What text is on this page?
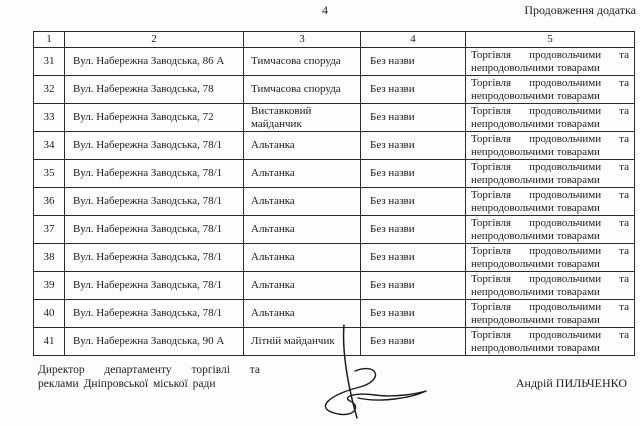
4	Продовження додатка
1	2	3	4	5
31	Вул. Набережна Заводська, 86 А	Тимчасова споруда	Без назви	Торгівля продовольчими та непродовольчими товарами
32	Вул. Набережна Заводська, 78	Тимчасова споруда	Без назви	Торгівля продовольчими та непродовольчими товарами
33	Вул. Набережна Заводська, 72	Виставковий майданчик	Без назви	Торгівля продовольчими та непродовольчими товарами
34	Вул. Набережна Заводська, 78/1	Альтанка	Без назви	Торгівля продовольчими та непродовольчими товарами
35	Вул. Набережна Заводська, 78/1	Альтанка	Без назви	Торгівля продовольчими та непродовольчими товарами
36	Вул. Набережна Заводська, 78/1	Альтанка	Без назви	Торгівля продовольчими та непродовольчими товарами
37	Вул. Набережна Заводська, 78/1	Альтанка	Без назви	Торгівля продовольчими та непродовольчими товарами
38	Вул. Набережна Заводська, 78/1	Альтанка	Без назви	Торгівля продовольчими та непродовольчими товарами
39	Вул. Набережна Заводська, 78/1	Альтанка	Без назви	Торгівля продовольчими та непродовольчими товарами
40	Вул. Набережна Заводська, 78/1	Альтанка	Без назви	Торгівля продовольчими та непродовольчими товарами
41	Вул. Набережна Заводська, 90 А	Літній майданчик	Без назви	Торгівля продовольчими та непродовольчими товарами
Директор департаменту торгівлі та реклами Дніпровської міської ради	Андрій ПИЛЬЧЕНКО
